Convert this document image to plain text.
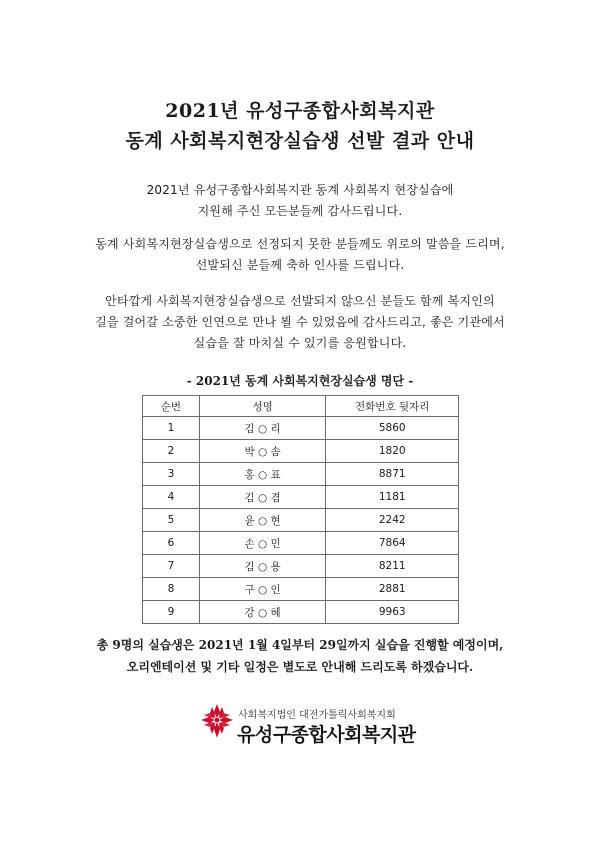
2021년 유성구종합사회복지관
동계 사회복지현장실습생 선발 결과 안내
2021년 유성구종합사회복지관 동계 사회복지 현장실습에
지원해 주신 모든분들께 감사드립니다.
동계 사회복지현장실습생으로 선정되지 못한 분들께도 위로의 말씀을 드리며,
선발되신 분들께 축하 인사를 드립니다.
안타깝게 사회복지현장실습생으로 선발되지 않으신 분들도 함께 복지인의
길을 걸어갈 소중한 인연으로 만나 뵐 수 있었음에 감사드리고, 좋은 기관에서
실습을 잘 마치실 수 있기를 응원합니다.
- 2021년 동계 사회복지현장실습생 명단 -
순번	성명	전화번호 뒷자리
1	김 ○ 리	5860
2	박 ○ 솜	1820
3	홍 ○ 표	8871
4	김 ○ 겸	1181
5	윤 ○ 현	2242
6	손 ○ 민	7864
7	김 ○ 용	8211
8	구 ○ 인	2881
9	강 ○ 혜	9963
총 9명의 실습생은 2021년 1월 4일부터 29일까지 실습을 진행할 예정이며,
오리엔테이션 및 기타 일정은 별도로 안내해 드리도록 하겠습니다.
사회복지법인 대전가톨릭사회복지회
유성구종합사회복지관
